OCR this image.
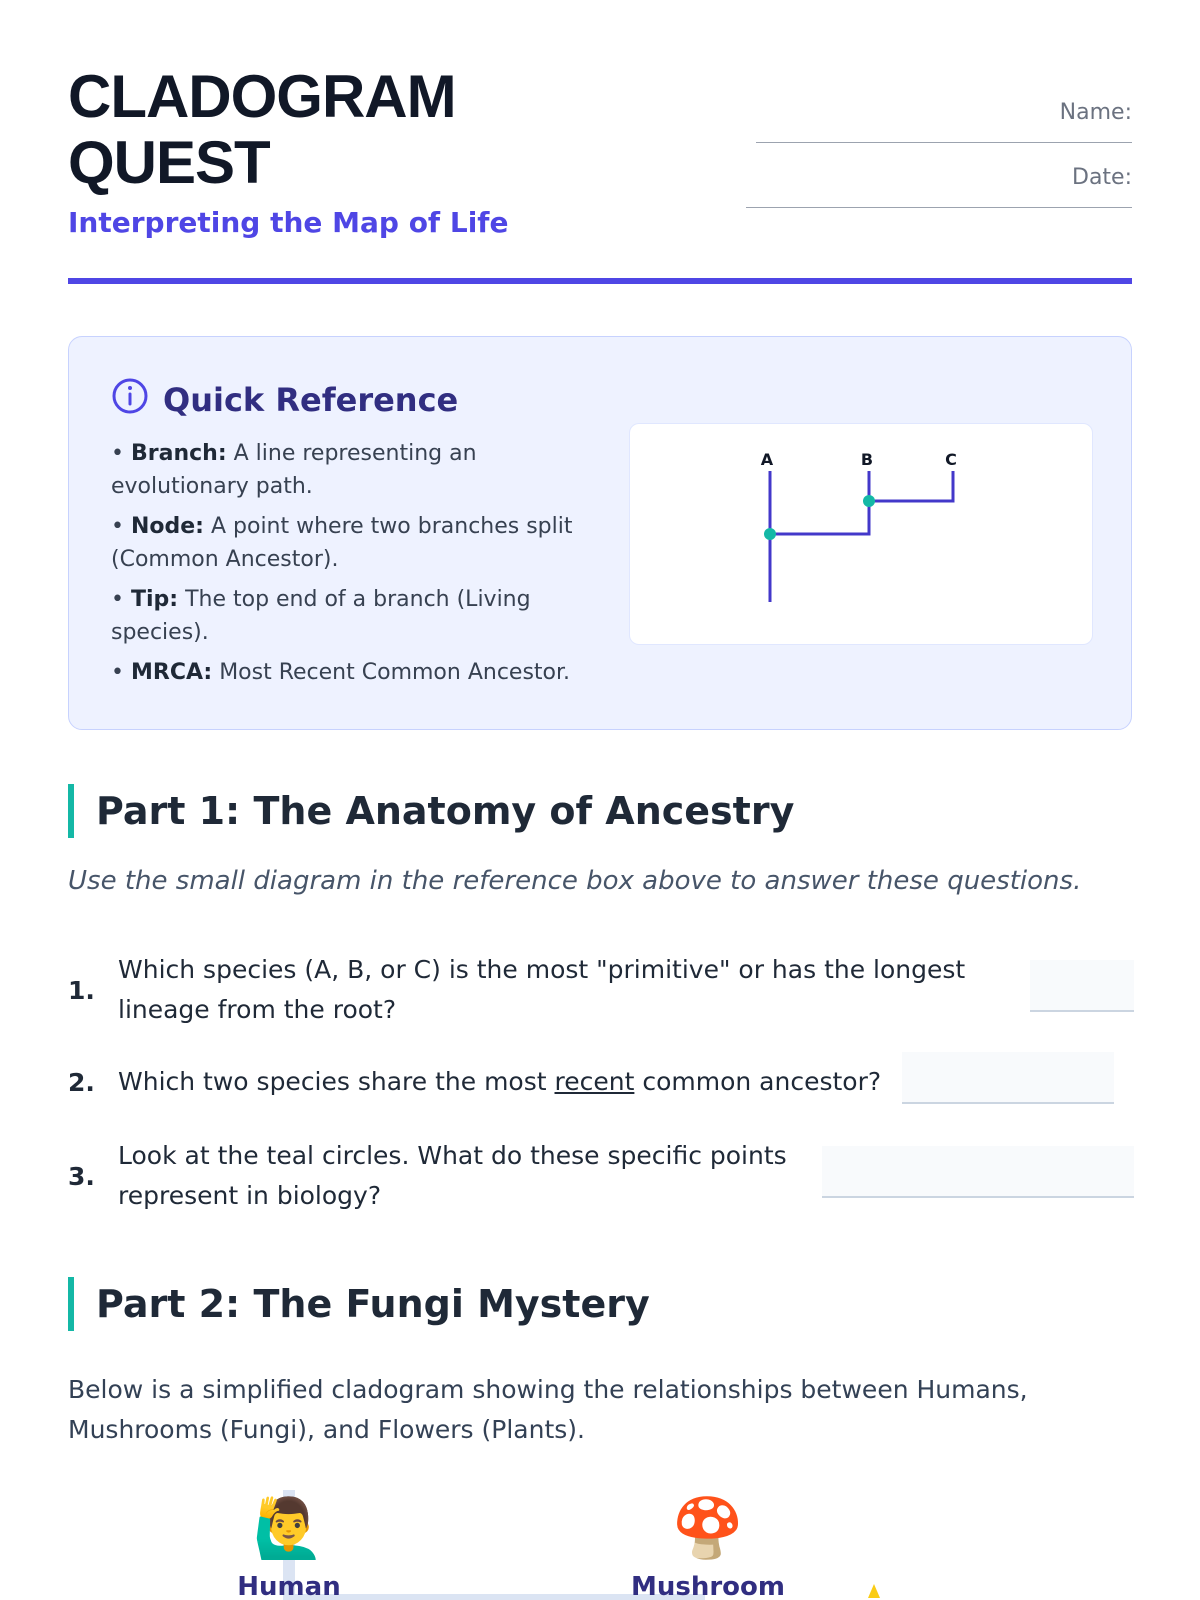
CLADOGRAM
QUEST

Interpreting the Map of Life

Name:
Date:
Quick Reference
• Branch: A line representing an evolutionary path.
• Node: A point where two branches split (Common Ancestor).
• Tip: The top end of a branch (Living species).
• MRCA: Most Recent Common Ancestor.
A	B	C
Part 1: The Anatomy of Ancestry

Use the small diagram in the reference box above to answer these questions.

1.
Which species (A, B, or C) is the most "primitive" or has the longest lineage from the root?
2. Which two species share the most recent common ancestor?
3.
Look at the teal circles. What do these specific points represent in biology?
Part 2: The Fungi Mystery

Below is a simplified cladogram showing the relationships between Humans, Mushrooms (Fungi), and Flowers (Plants).

🙋‍♂️
Human
🍄
Mushroom
